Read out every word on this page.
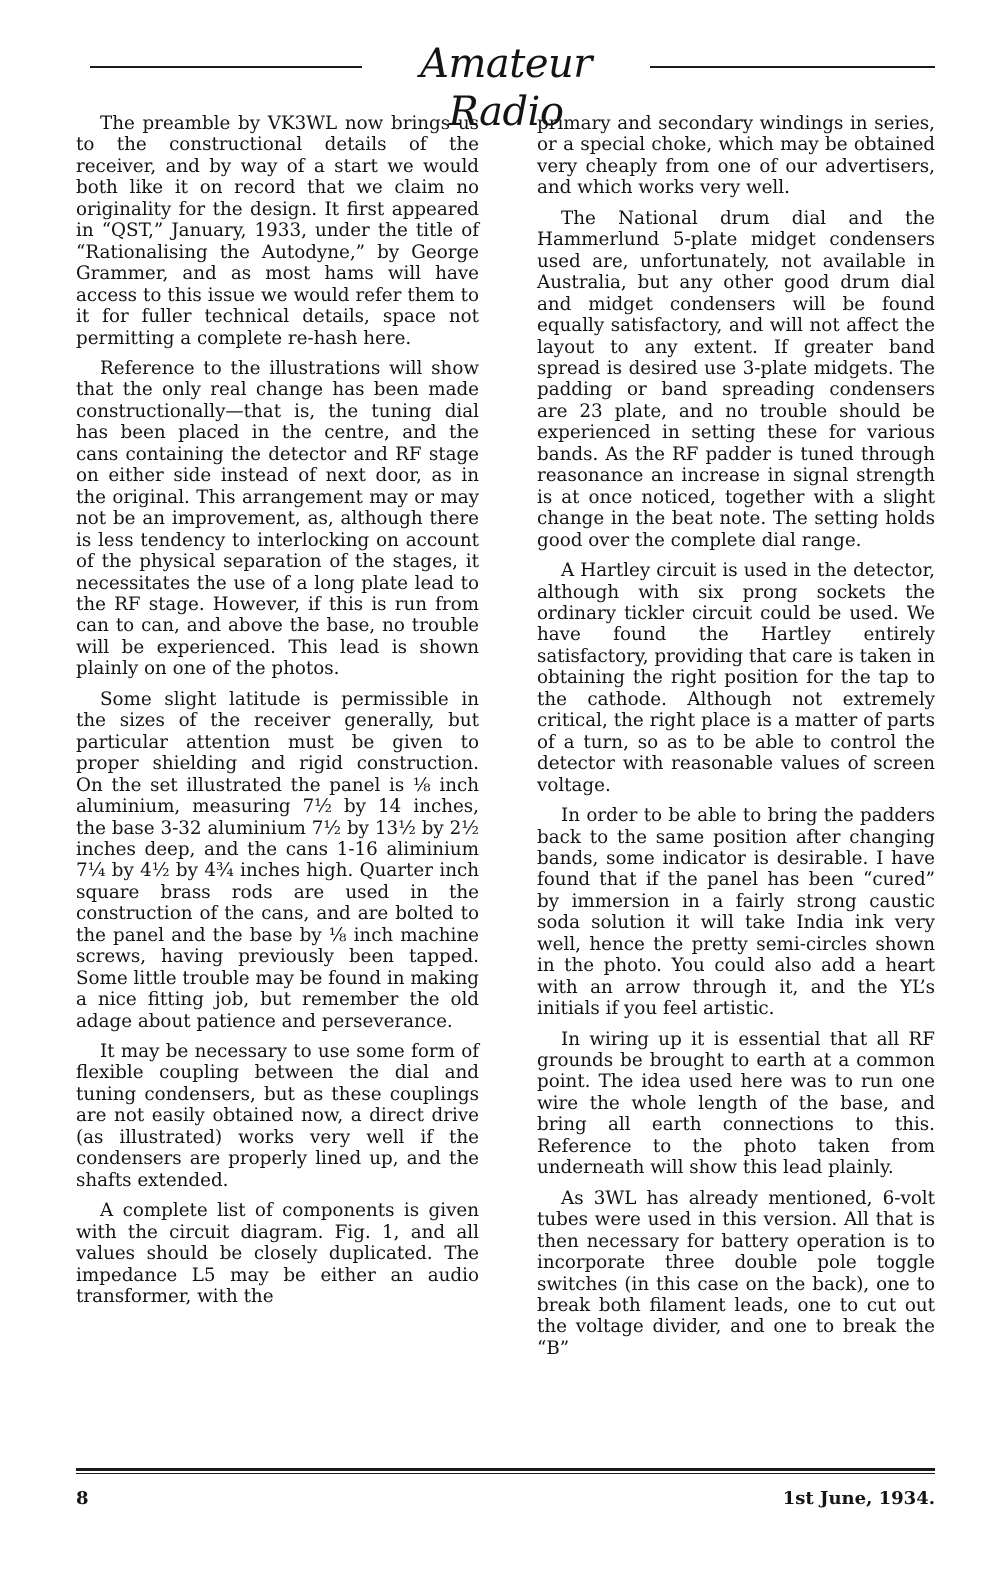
Amateur Radio

The preamble by VK3WL now brings us to the constructional details of the receiver, and by way of a start we would both like it on record that we claim no originality for the design. It first appeared in “QST,” January, 1933, under the title of “Rationalising the Autodyne,” by George Grammer, and as most hams will have access to this issue we would refer them to it for fuller technical details, space not permitting a complete re-hash here.

Reference to the illustrations will show that the only real change has been made constructionally—that is, the tuning dial has been placed in the centre, and the cans containing the detector and RF stage on either side instead of next door, as in the original. This arrangement may or may not be an improvement, as, although there is less tendency to interlocking on account of the physical separation of the stages, it necessitates the use of a long plate lead to the RF stage. However, if this is run from can to can, and above the base, no trouble will be experienced. This lead is shown plainly on one of the photos.

Some slight latitude is permissible in the sizes of the receiver generally, but particular attention must be given to proper shielding and rigid construction. On the set illustrated the panel is ⅛ inch aluminium, measuring 7½ by 14 inches, the base 3-32 aluminium 7½ by 13½ by 2½ inches deep, and the cans 1-16 aliminium 7¼ by 4½ by 4¾ inches high. Quarter inch square brass rods are used in the construction of the cans, and are bolted to the panel and the base by ⅛ inch machine screws, having previously been tapped. Some little trouble may be found in making a nice fitting job, but remember the old adage about patience and perseverance.

It may be necessary to use some form of flexible coupling between the dial and tuning condensers, but as these couplings are not easily obtained now, a direct drive (as illustrated) works very well if the condensers are properly lined up, and the shafts extended.

A complete list of components is given with the circuit diagram. Fig. 1, and all values should be closely duplicated. The impedance L5 may be either an audio transformer, with the

primary and secondary windings in series, or a special choke, which may be obtained very cheaply from one of our advertisers, and which works very well.

The National drum dial and the Hammerlund 5-plate midget condensers used are, unfortunately, not available in Australia, but any other good drum dial and midget condensers will be found equally satisfactory, and will not affect the layout to any extent. If greater band spread is desired use 3-plate midgets. The padding or band spreading condensers are 23 plate, and no trouble should be experienced in setting these for various bands. As the RF padder is tuned through reasonance an increase in signal strength is at once noticed, together with a slight change in the beat note. The setting holds good over the complete dial range.

A Hartley circuit is used in the detector, although with six prong sockets the ordinary tickler circuit could be used. We have found the Hartley entirely satisfactory, providing that care is taken in obtaining the right position for the tap to the cathode. Although not extremely critical, the right place is a matter of parts of a turn, so as to be able to control the detector with reasonable values of screen voltage.

In order to be able to bring the padders back to the same position after changing bands, some indicator is desirable. I have found that if the panel has been “cured” by immersion in a fairly strong caustic soda solution it will take India ink very well, hence the pretty semi-circles shown in the photo. You could also add a heart with an arrow through it, and the YL’s initials if you feel artistic.

In wiring up it is essential that all RF grounds be brought to earth at a common point. The idea used here was to run one wire the whole length of the base, and bring all earth connections to this. Reference to the photo taken from underneath will show this lead plainly.

As 3WL has already mentioned, 6-volt tubes were used in this version. All that is then necessary for battery operation is to incorporate three double pole toggle switches (in this case on the back), one to break both filament leads, one to cut out the voltage divider, and one to break the “B”

8	1st June, 1934.
